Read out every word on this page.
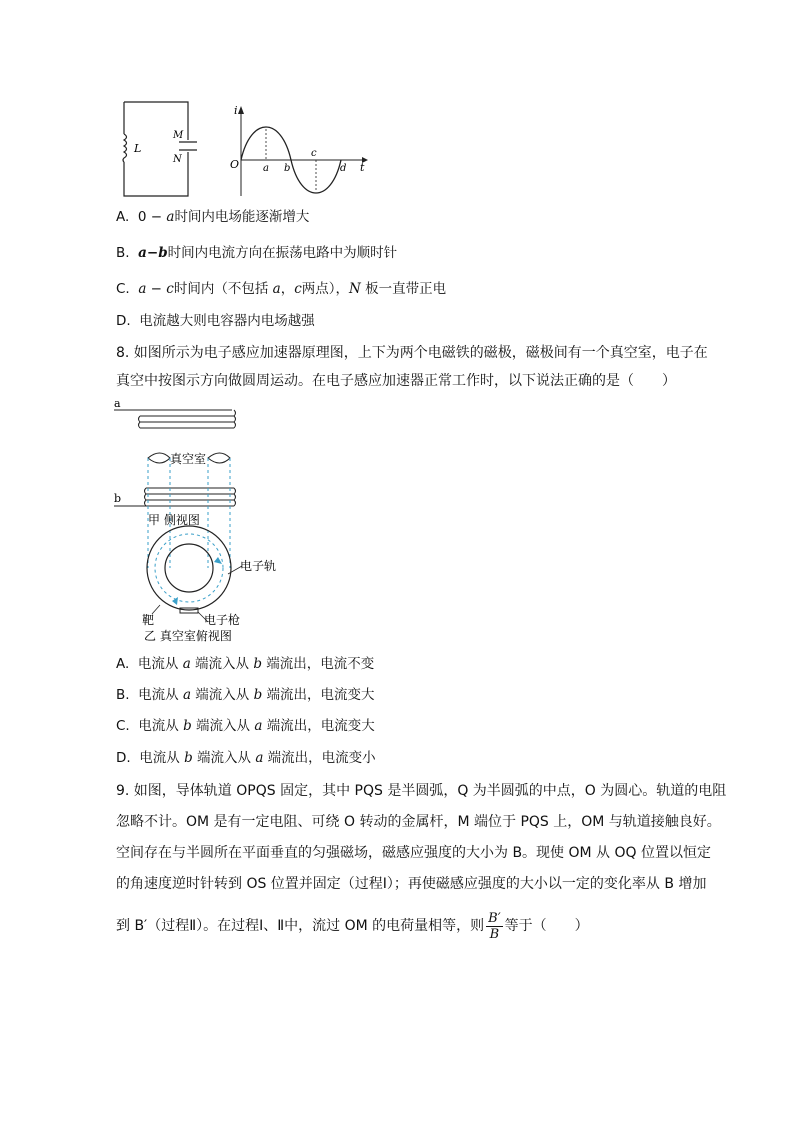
L
M
N
i
t
O a b
c
d
A. 0 − a时间内电场能逐渐增大
B. a−b时间内电流方向在振荡电路中为顺时针
C. a − c时间内（不包括 a，c两点），N 板一直带正电
D. 电流越大则电容器内电场越强
8. 如图所示为电子感应加速器原理图，上下为两个电磁铁的磁极，磁极间有一个真空室，电子在
真空中按图示方向做圆周运动。在电子感应加速器正常工作时，以下说法正确的是（　　）
a
b
真空室
甲 侧视图
电子轨
靶	电子枪
乙 真空室俯视图
A. 电流从 a 端流入从 b 端流出，电流不变
B. 电流从 a 端流入从 b 端流出，电流变大
C. 电流从 b 端流入从 a 端流出，电流变大
D. 电流从 b 端流入从 a 端流出，电流变小
9. 如图，导体轨道 OPQS 固定，其中 PQS 是半圆弧，Q 为半圆弧的中点，O 为圆心。轨道的电阻
忽略不计。OM 是有一定电阻、可绕 O 转动的金属杆，M 端位于 PQS 上，OM 与轨道接触良好。
空间存在与半圆所在平面垂直的匀强磁场，磁感应强度的大小为 B。现使 OM 从 OQ 位置以恒定
的角速度逆时针转到 OS 位置并固定（过程Ⅰ）；再使磁感应强度的大小以一定的变化率从 B 增加
到 B′（过程Ⅱ）。在过程Ⅰ、Ⅱ中，流过 OM 的电荷量相等，则 $\frac{B'}{B}$ 等于（　　）
